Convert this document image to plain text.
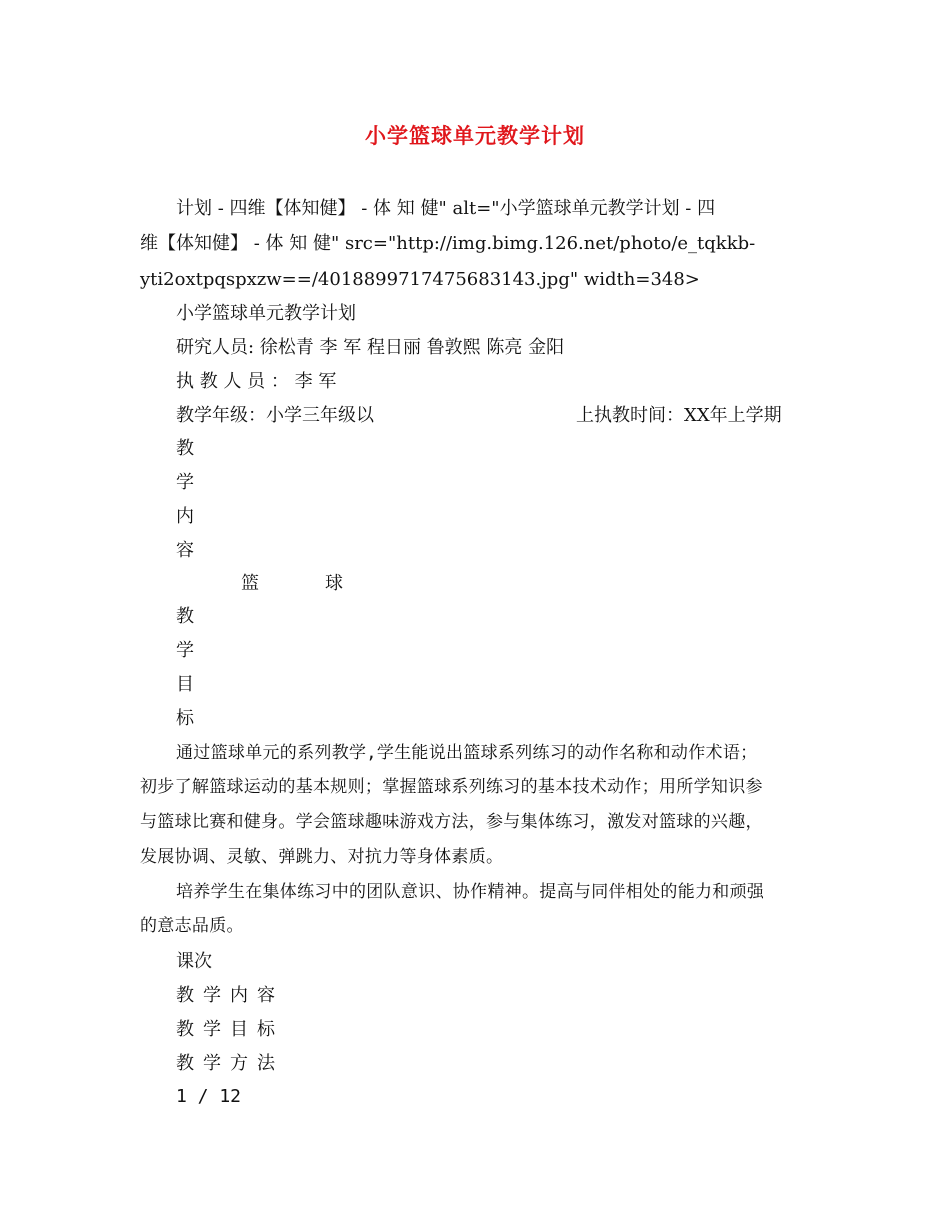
小学篮球单元教学计划
计划 - 四维【体知健】 - 体 知 健" alt="小学篮球单元教学计划 - 四
维【体知健】 - 体 知 健" src="http://img.bimg.126.net/photo/e_tqkkb-
yti2oxtpqspxzw==/4018899717475683143.jpg" width=348>
小学篮球单元教学计划
研究人员: 徐松青 李 军 程日丽 鲁敦熙 陈亮 金阳
执 教 人 员 ： 李 军
教学年级：小学三年级以	上执教时间：XX年上学期
教
学
内
容
篮	球
教
学
目
标
通过篮球单元的系列教学,学生能说出篮球系列练习的动作名称和动作术语；
初步了解篮球运动的基本规则；掌握篮球系列练习的基本技术动作；用所学知识参
与篮球比赛和健身。学会篮球趣味游戏方法，参与集体练习，激发对篮球的兴趣，
发展协调、灵敏、弹跳力、对抗力等身体素质。
培养学生在集体练习中的团队意识、协作精神。提高与同伴相处的能力和顽强
的意志品质。
课次
教学内容
教学目标
教学方法
1 / 12
